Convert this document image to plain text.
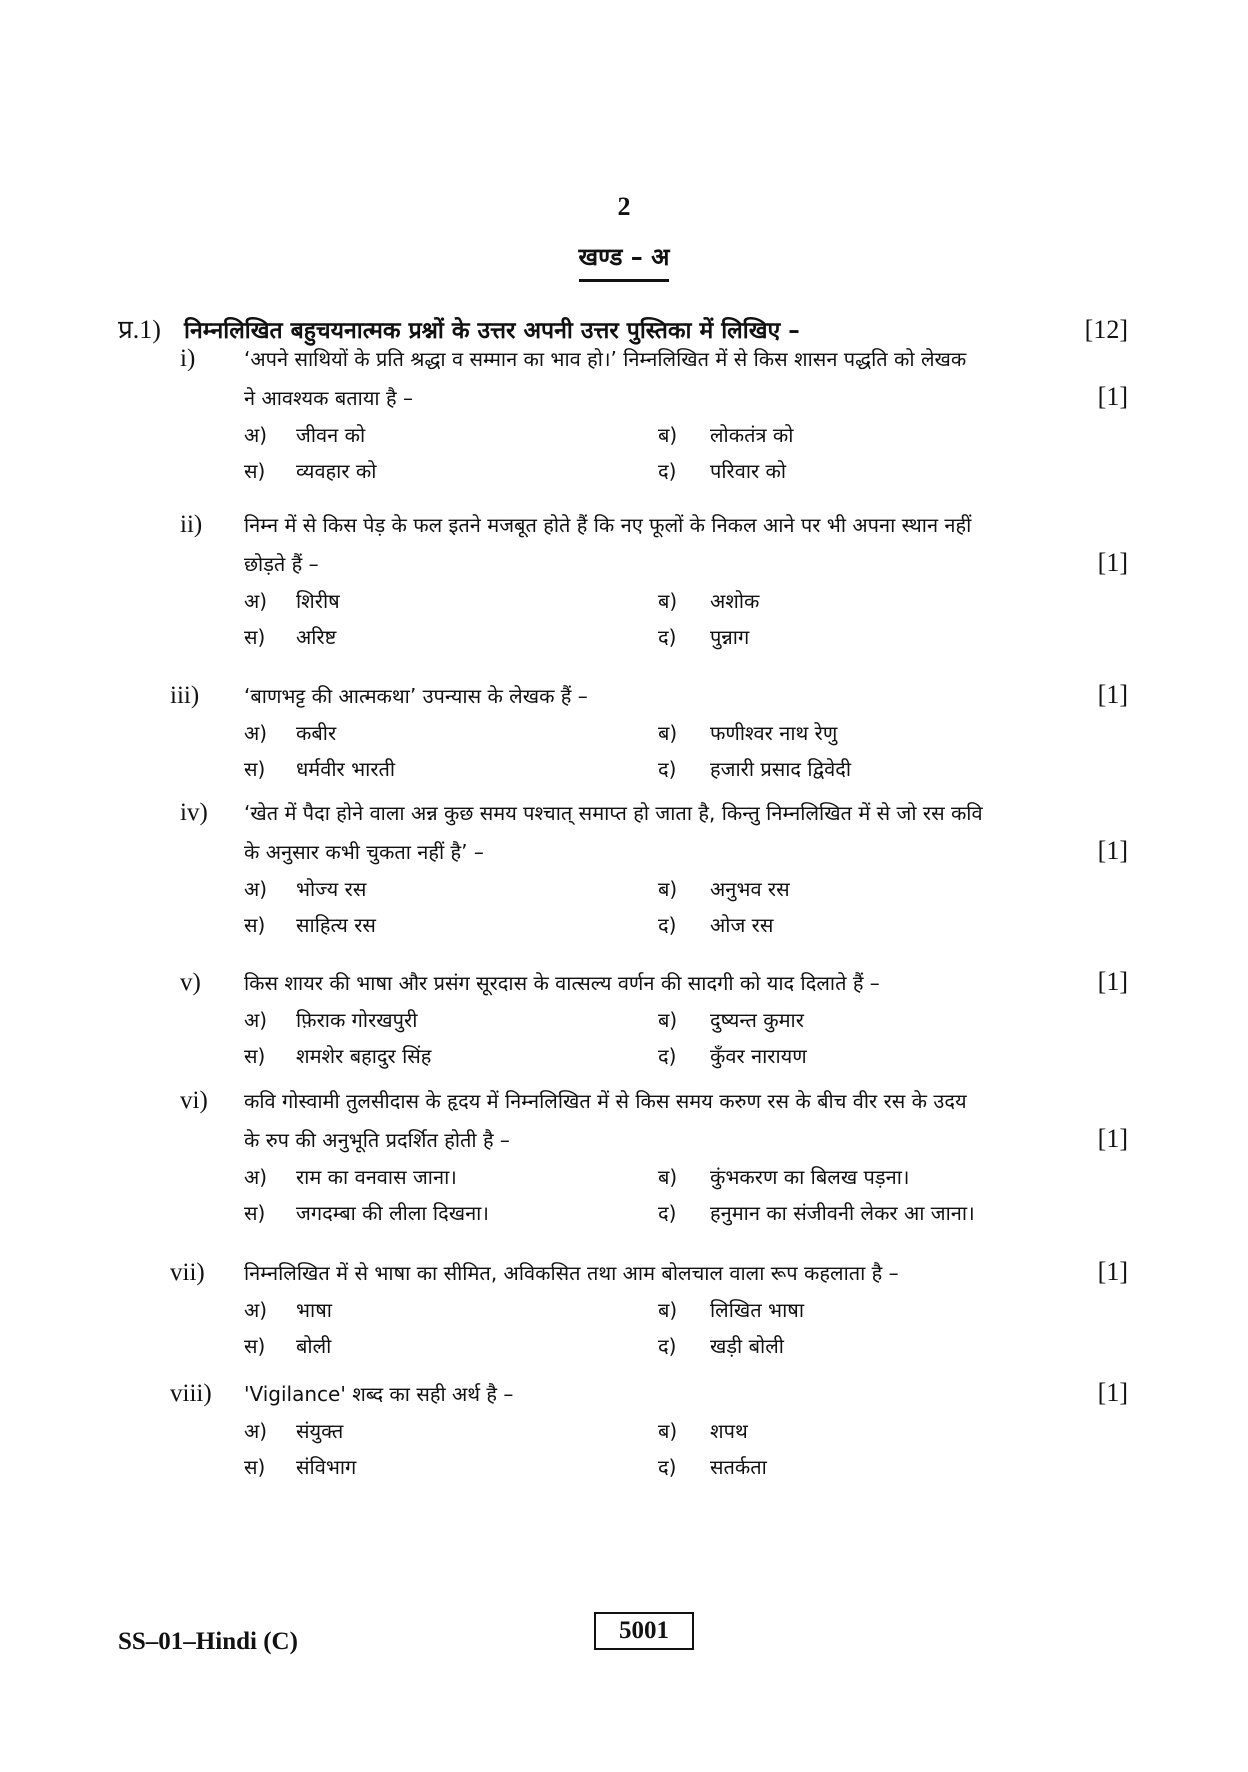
2
खण्ड – अ
प्र.1)	निम्नलिखित बहुचयनात्मक प्रश्नों के उत्तर अपनी उत्तर पुस्तिका में लिखिए –	[12]
i)	‘अपने साथियों के प्रति श्रद्धा व सम्मान का भाव हो।’ निम्नलिखित में से किस शासन पद्धति को लेखक
ने आवश्यक बताया है –	[1]
अ)	जीवन को	ब)	लोकतंत्र को
स)	व्यवहार को	द)	परिवार को
ii)	निम्न में से किस पेड़ के फल इतने मजबूत होते हैं कि नए फूलों के निकल आने पर भी अपना स्थान नहीं
छोड़ते हैं –	[1]
अ)	शिरीष	ब)	अशोक
स)	अरिष्ट	द)	पुन्नाग
iii)	‘बाणभट्ट की आत्मकथा’ उपन्यास के लेखक हैं –	[1]
अ)	कबीर	ब)	फणीश्वर नाथ रेणु
स)	धर्मवीर भारती	द)	हजारी प्रसाद द्विवेदी
iv)	‘खेत में पैदा होने वाला अन्न कुछ समय पश्चात् समाप्त हो जाता है, किन्तु निम्नलिखित में से जो रस कवि
के अनुसार कभी चुकता नहीं है’ –	[1]
अ)	भोज्य रस	ब)	अनुभव रस
स)	साहित्य रस	द)	ओज रस
v)	किस शायर की भाषा और प्रसंग सूरदास के वात्सल्य वर्णन की सादगी को याद दिलाते हैं –	[1]
अ)	फ़िराक गोरखपुरी	ब)	दुष्यन्त कुमार
स)	शमशेर बहादुर सिंह	द)	कुँवर नारायण
vi)	कवि गोस्वामी तुलसीदास के हृदय में निम्नलिखित में से किस समय करुण रस के बीच वीर रस के उदय
के रुप की अनुभूति प्रदर्शित होती है –	[1]
अ)	राम का वनवास जाना।	ब)	कुंभकरण का बिलख पड़ना।
स)	जगदम्बा की लीला दिखना।	द)	हनुमान का संजीवनी लेकर आ जाना।
vii)	निम्नलिखित में से भाषा का सीमित, अविकसित तथा आम बोलचाल वाला रूप कहलाता है –	[1]
अ)	भाषा	ब)	लिखित भाषा
स)	बोली	द)	खड़ी बोली
viii)	'Vigilance' शब्द का सही अर्थ है –	[1]
अ)	संयुक्त	ब)	शपथ
स)	संविभाग	द)	सतर्कता
SS–01–Hindi (C)	5001
